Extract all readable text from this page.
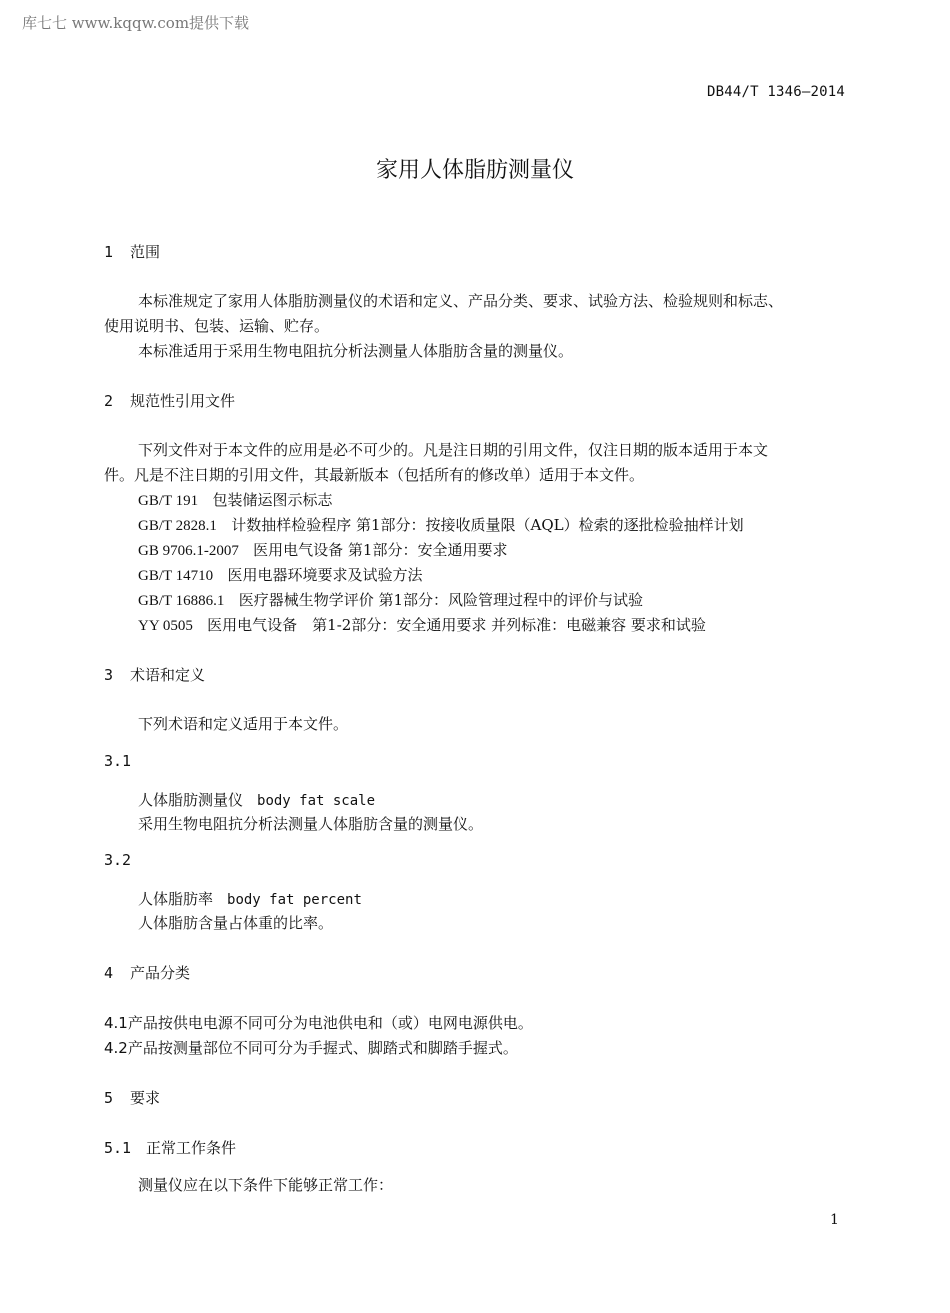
库七七 www.kqqw.com提供下载
DB44/T 1346—2014
家用人体脂肪测量仪
1 范围
本标准规定了家用人体脂肪测量仪的术语和定义、产品分类、要求、试验方法、检验规则和标志、
使用说明书、包装、运输、贮存。
本标准适用于采用生物电阻抗分析法测量人体脂肪含量的测量仪。
2 规范性引用文件
下列文件对于本文件的应用是必不可少的。凡是注日期的引用文件，仅注日期的版本适用于本文
件。凡是不注日期的引用文件，其最新版本（包括所有的修改单）适用于本文件。
GB/T 191 包装储运图示标志
GB/T 2828.1 计数抽样检验程序 第1部分：按接收质量限（AQL）检索的逐批检验抽样计划
GB 9706.1-2007 医用电气设备 第1部分：安全通用要求
GB/T 14710 医用电器环境要求及试验方法
GB/T 16886.1 医疗器械生物学评价 第1部分：风险管理过程中的评价与试验
YY 0505 医用电气设备　第1-2部分：安全通用要求 并列标准：电磁兼容 要求和试验
3 术语和定义
下列术语和定义适用于本文件。
3.1
人体脂肪测量仪 body fat scale
采用生物电阻抗分析法测量人体脂肪含量的测量仪。
3.2
人体脂肪率 body fat percent
人体脂肪含量占体重的比率。
4 产品分类
4.1产品按供电电源不同可分为电池供电和（或）电网电源供电。
4.2产品按测量部位不同可分为手握式、脚踏式和脚踏手握式。
5 要求
5.1 正常工作条件
测量仪应在以下条件下能够正常工作：
1
